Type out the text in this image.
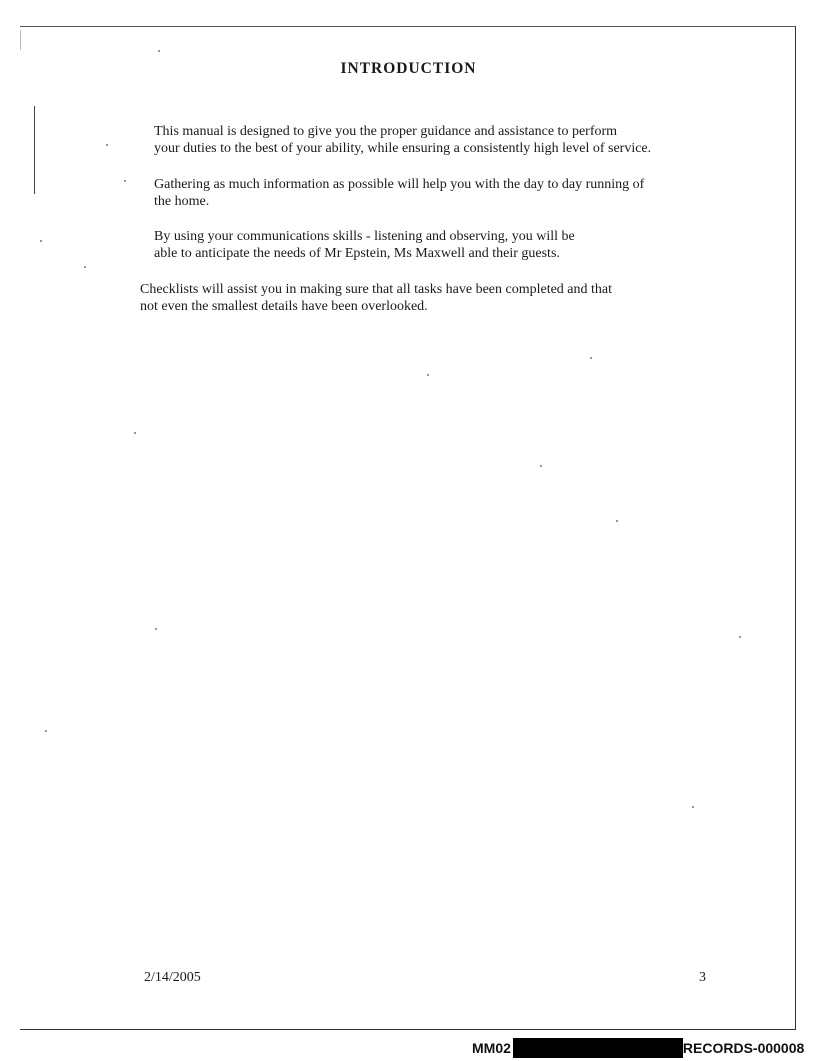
INTRODUCTION
This manual is designed to give you the proper guidance and assistance to perform
your duties to the best of your ability, while ensuring a consistently high level of service.
Gathering as much information as possible will help you with the day to day running of
the home.
By using your communications skills - listening and observing, you will be
able to anticipate the needs of Mr Epstein, Ms Maxwell and their guests.
Checklists will assist you in making sure that all tasks have been completed and that
not even the smallest details have been overlooked.
2/14/2005	3
MM02	RECORDS-000008
